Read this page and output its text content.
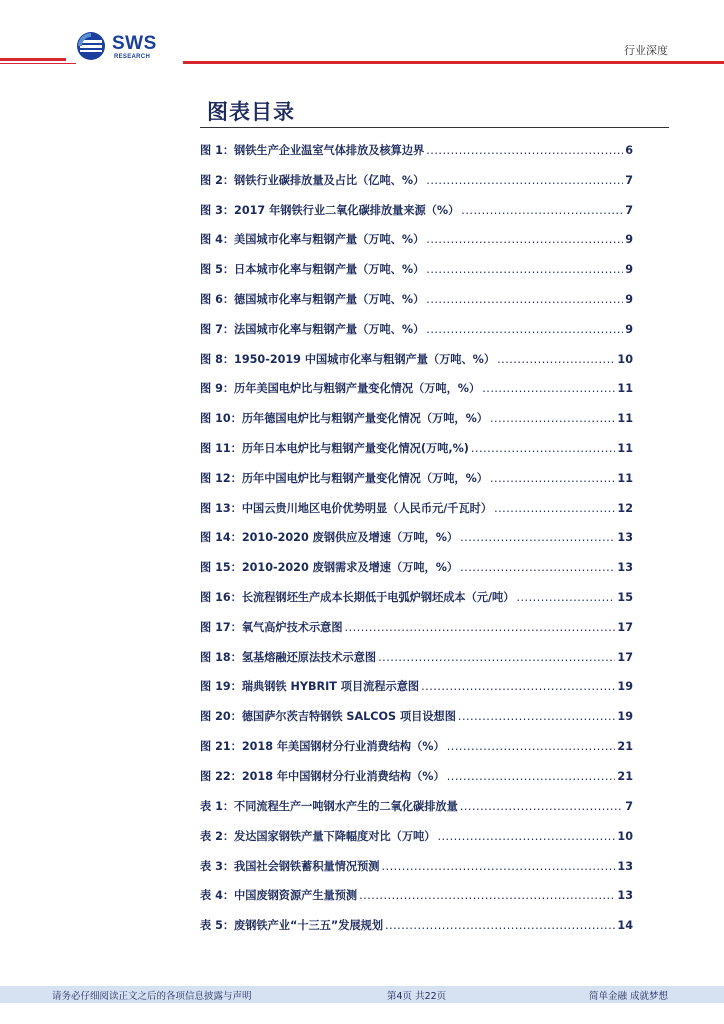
SWS
RESEARCH	行业深度
图表目录
图 1：钢铁生产企业温室气体排放及核算边界 .....	6
图 2：钢铁行业碳排放量及占比（亿吨、%） .....	7
图 3：2017 年钢铁行业二氧化碳排放量来源（%） .....	7
图 4：美国城市化率与粗钢产量（万吨、%） .....	9
图 5：日本城市化率与粗钢产量（万吨、%） .....	9
图 6：德国城市化率与粗钢产量（万吨、%） .....	9
图 7：法国城市化率与粗钢产量（万吨、%） .....	9
图 8：1950-2019 中国城市化率与粗钢产量（万吨、%） .....	10
图 9：历年美国电炉比与粗钢产量变化情况（万吨，%） .....	11
图 10：历年德国电炉比与粗钢产量变化情况（万吨，%） .....	11
图 11：历年日本电炉比与粗钢产量变化情况(万吨,%) .....	11
图 12：历年中国电炉比与粗钢产量变化情况（万吨，%） .....	11
图 13：中国云贵川地区电价优势明显（人民币元/千瓦时） .....	12
图 14：2010-2020 废钢供应及增速（万吨，%） .....	13
图 15：2010-2020 废钢需求及增速（万吨，%） .....	13
图 16：长流程钢坯生产成本长期低于电弧炉钢坯成本（元/吨） .....	15
图 17：氧气高炉技术示意图 .....	17
图 18：氢基熔融还原法技术示意图 .....	17
图 19：瑞典钢铁 HYBRIT 项目流程示意图 .....	19
图 20：德国萨尔茨吉特钢铁 SALCOS 项目设想图 .....	19
图 21：2018 年美国钢材分行业消费结构（%） .....	21
图 22：2018 年中国钢材分行业消费结构（%） .....	21
表 1：不同流程生产一吨钢水产生的二氧化碳排放量 .....	7
表 2：发达国家钢铁产量下降幅度对比（万吨） .....	10
表 3：我国社会钢铁蓄积量情况预测 .....	13
表 4：中国废钢资源产生量预测 .....	13
表 5：废钢铁产业“十三五”发展规划 .....	14
请务必仔细阅读正文之后的各项信息披露与声明	第4页 共22页	简单金融 成就梦想
